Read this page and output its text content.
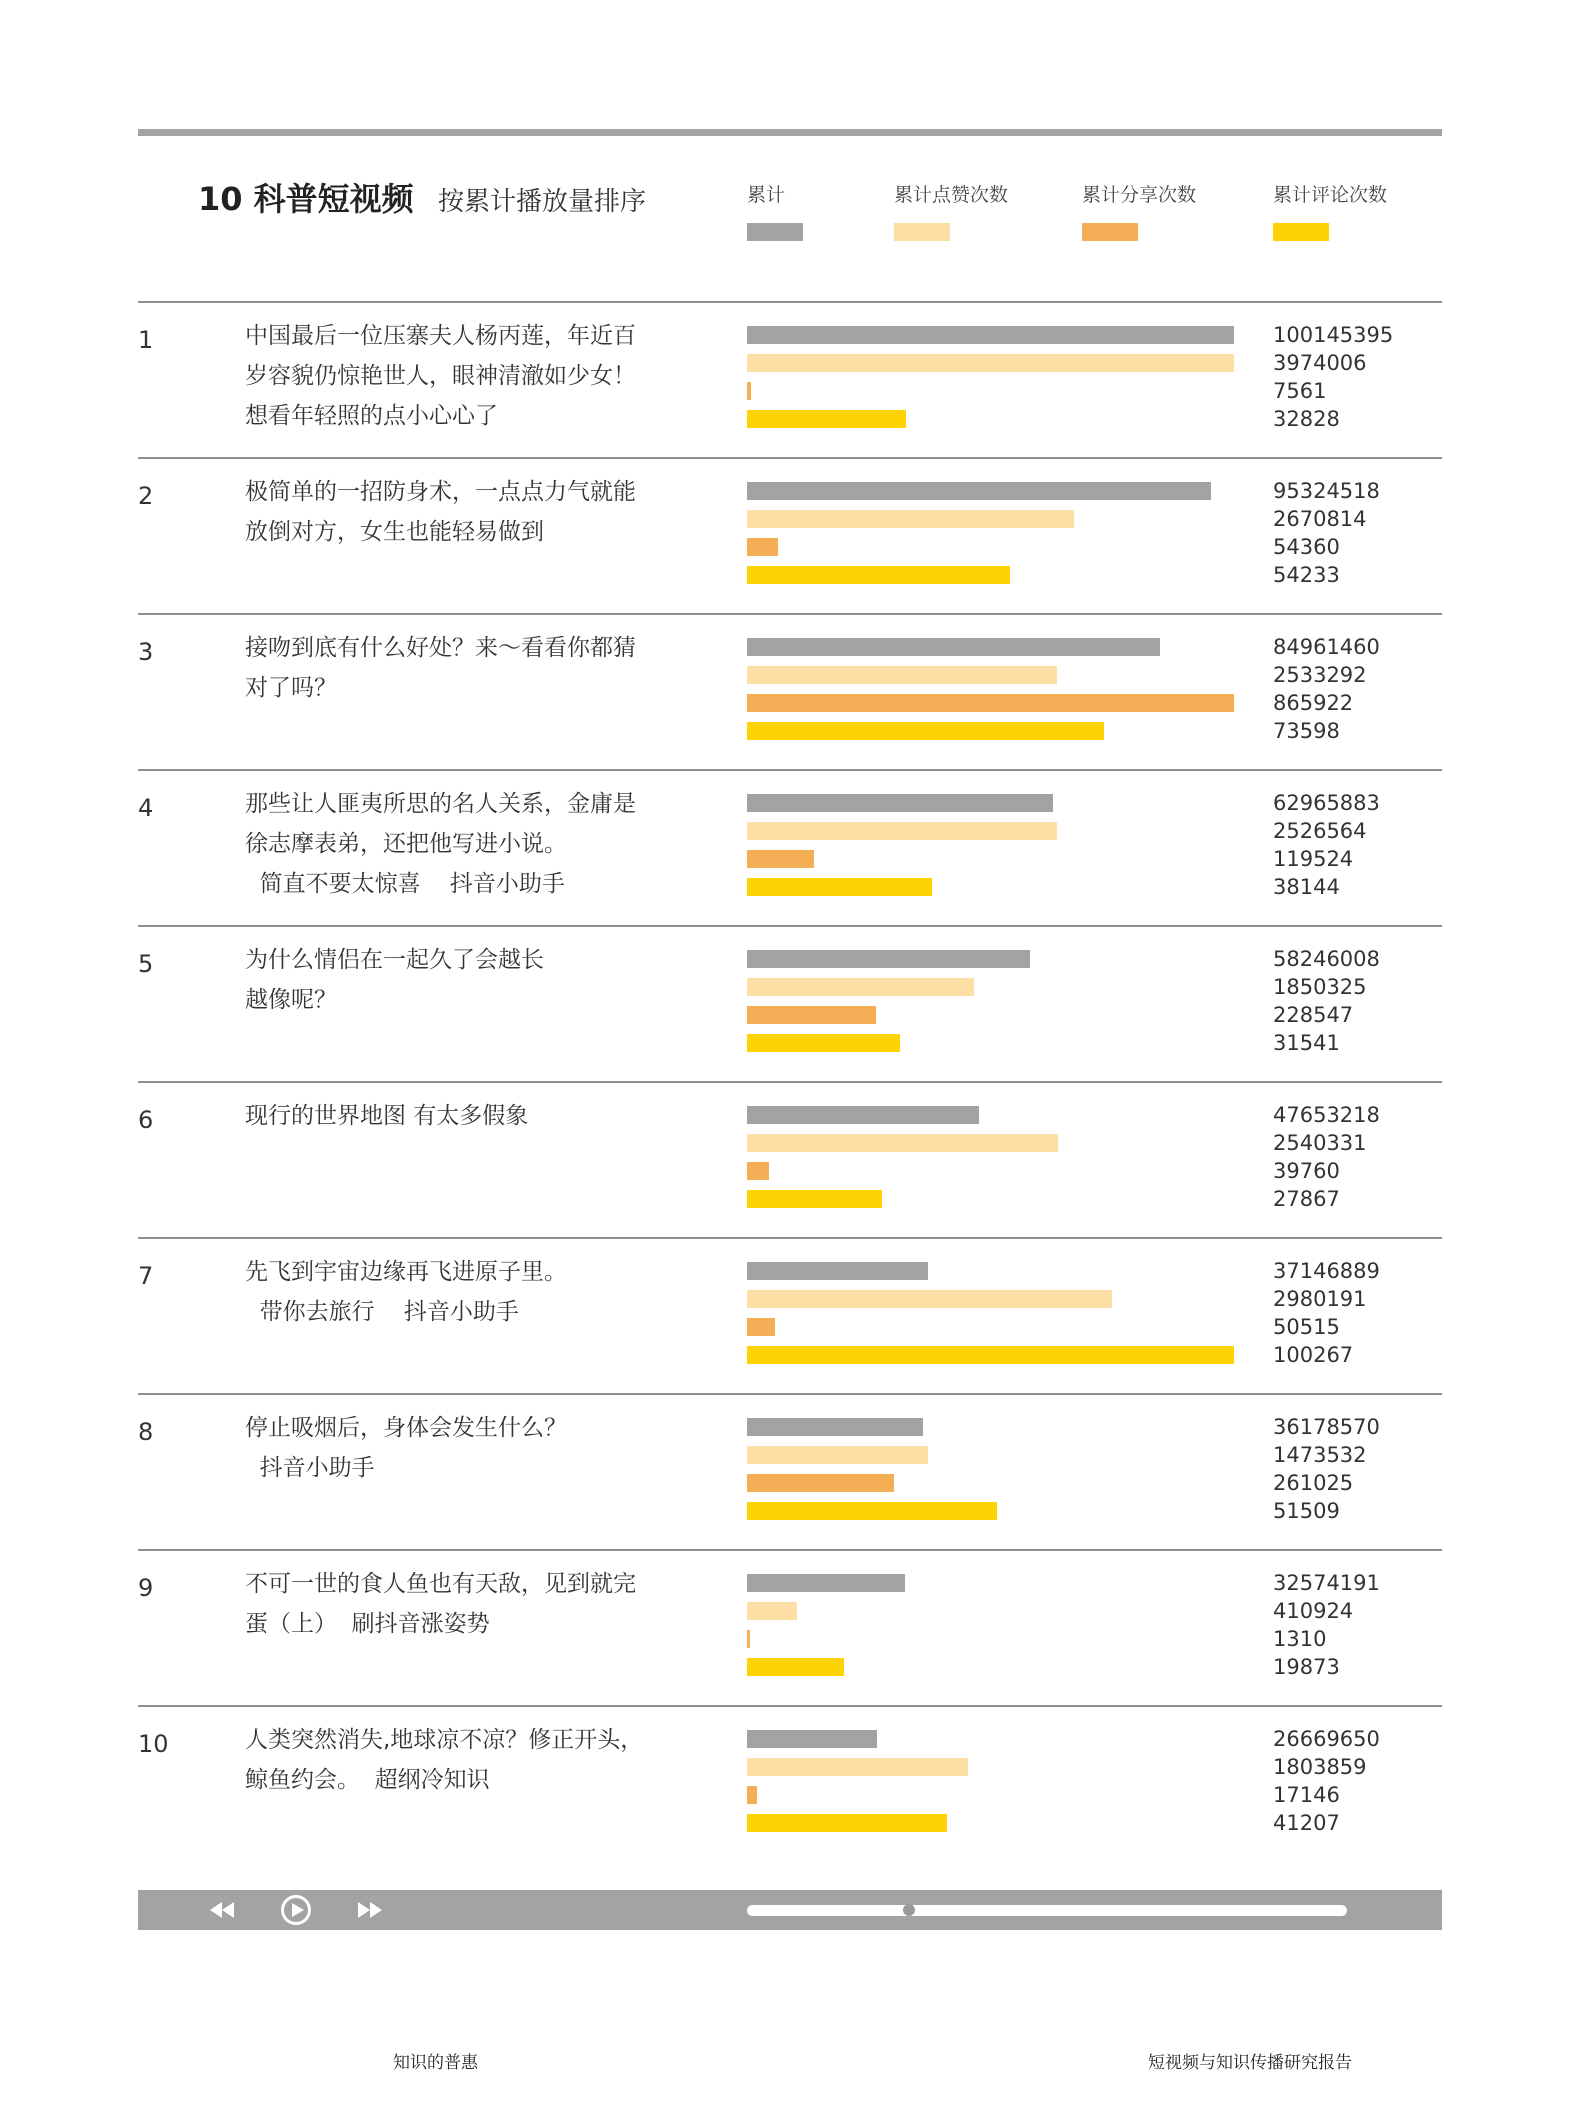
10 科普短视频 按累计播放量排序	累计	累计点赞次数	累计分享次数	累计评论次数
1	中国最后一位压寨夫人杨丙莲，年近百
岁容貌仍惊艳世人，眼神清澈如少女！
想看年轻照的点小心心了
100145395
3974006
7561
32828
2	极简单的一招防身术，一点点力气就能
放倒对方，女生也能轻易做到
95324518
2670814
54360
54233
3	接吻到底有什么好处？来～看看你都猜
对了吗？
84961460
2533292
865922
73598
4	那些让人匪夷所思的名人关系，金庸是
徐志摩表弟，还把他写进小说。
简直不要太惊喜    抖音小助手
62965883
2526564
119524
38144
5	为什么情侣在一起久了会越长
越像呢？
58246008
1850325
228547
31541
6	现行的世界地图 有太多假象	47653218
2540331
39760
27867
7	先飞到宇宙边缘再飞进原子里。
带你去旅行    抖音小助手
37146889
2980191
50515
100267
8	停止吸烟后，身体会发生什么？
抖音小助手
36178570
1473532
261025
51509
9	不可一世的食人鱼也有天敌，见到就完
蛋（上）  刷抖音涨姿势
32574191
410924
1310
19873
10	人类突然消失,地球凉不凉？修正开头，
鲸鱼约会。  超纲冷知识
26669650
1803859
17146
41207
知识的普惠	短视频与知识传播研究报告
